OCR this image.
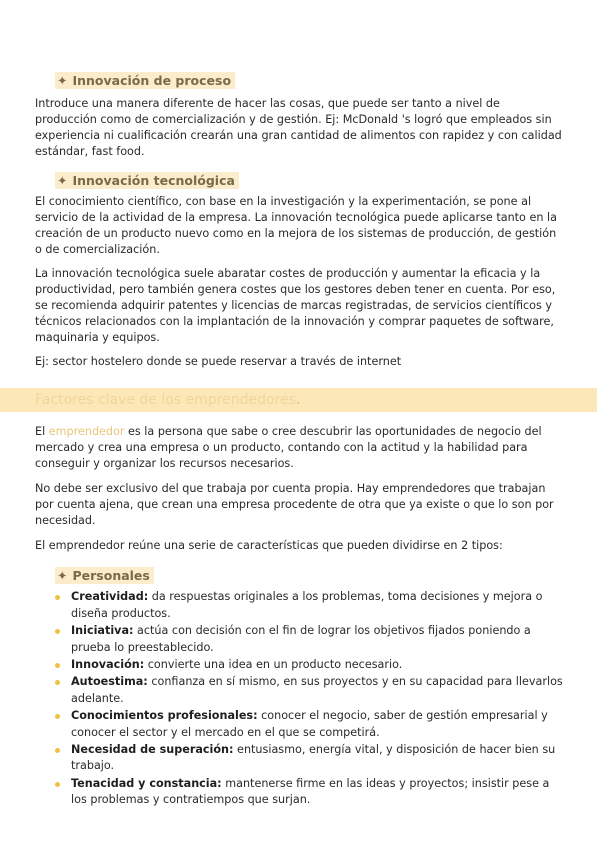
✦ Innovación de proceso

Introduce una manera diferente de hacer las cosas, que puede ser tanto a nivel de producción como de comercialización y de gestión. Ej: McDonald 's logró que empleados sin experiencia ni cualificación crearán una gran cantidad de alimentos con rapidez y con calidad estándar, fast food.

✦ Innovación tecnológica

El conocimiento científico, con base en la investigación y la experimentación, se pone al servicio de la actividad de la empresa. La innovación tecnológica puede aplicarse tanto en la creación de un producto nuevo como en la mejora de los sistemas de producción, de gestión o de comercialización.

La innovación tecnológica suele abaratar costes de producción y aumentar la eficacia y la productividad, pero también genera costes que los gestores deben tener en cuenta. Por eso, se recomienda adquirir patentes y licencias de marcas registradas, de servicios científicos y técnicos relacionados con la implantación de la innovación y comprar paquetes de software, maquinaria y equipos.

Ej: sector hostelero donde se puede reservar a través de internet

Factores clave de los emprendedores.

El emprendedor es la persona que sabe o cree descubrir las oportunidades de negocio del mercado y crea una empresa o un producto, contando con la actitud y la habilidad para conseguir y organizar los recursos necesarios.

No debe ser exclusivo del que trabaja por cuenta propia. Hay emprendedores que trabajan por cuenta ajena, que crean una empresa procedente de otra que ya existe o que lo son por necesidad.

El emprendedor reúne una serie de características que pueden dividirse en 2 tipos:

✦ Personales
Creatividad: da respuestas originales a los problemas, toma decisiones y mejora o diseña productos.
Iniciativa: actúa con decisión con el fin de lograr los objetivos fijados poniendo a prueba lo preestablecido.
Innovación: convierte una idea en un producto necesario.
Autoestima: confianza en sí mismo, en sus proyectos y en su capacidad para llevarlos adelante.
Conocimientos profesionales: conocer el negocio, saber de gestión empresarial y conocer el sector y el mercado en el que se competirá.
Necesidad de superación: entusiasmo, energía vital, y disposición de hacer bien su trabajo.
Tenacidad y constancia: mantenerse firme en las ideas y proyectos; insistir pese a los problemas y contratiempos que surjan.
